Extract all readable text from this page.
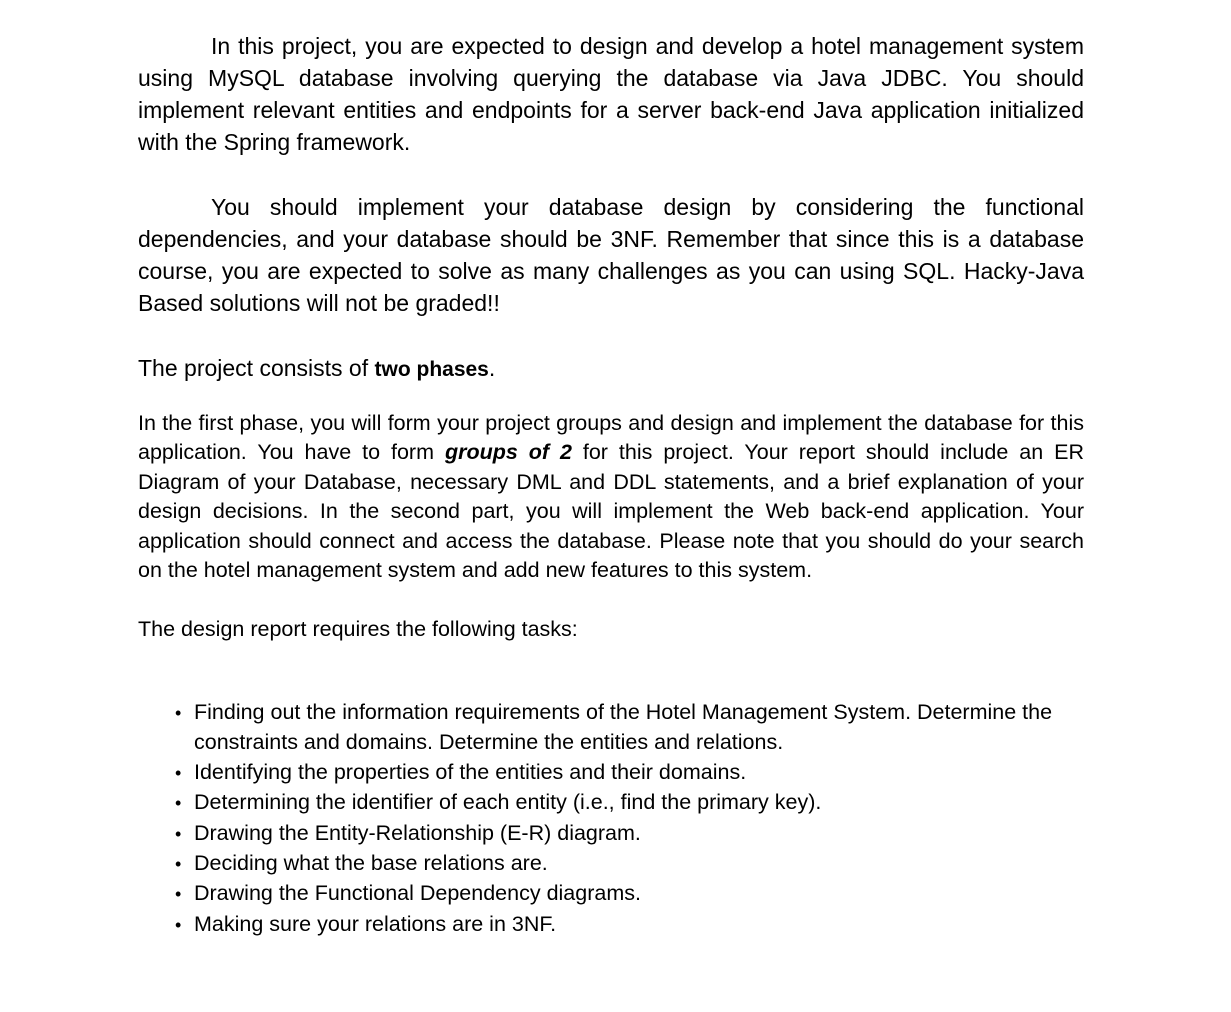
In this project, you are expected to design and develop a hotel management system using MySQL database involving querying the database via Java JDBC. You should implement relevant entities and endpoints for a server back-end Java application initialized with the Spring framework.

You should implement your database design by considering the functional dependencies, and your database should be 3NF. Remember that since this is a database course, you are expected to solve as many challenges as you can using SQL. Hacky-Java Based solutions will not be graded!!

The project consists of two phases.

In the first phase, you will form your project groups and design and implement the database for this application. You have to form groups of 2 for this project. Your report should include an ER Diagram of your Database, necessary DML and DDL statements, and a brief explanation of your design decisions. In the second part, you will implement the Web back-end application. Your application should connect and access the database. Please note that you should do your search on the hotel management system and add new features to this system.

The design report requires the following tasks:

• Finding out the information requirements of the Hotel Management System. Determine the constraints and domains. Determine the entities and relations.
• Identifying the properties of the entities and their domains.
• Determining the identifier of each entity (i.e., find the primary key).
• Drawing the Entity-Relationship (E-R) diagram.
• Deciding what the base relations are.
• Drawing the Functional Dependency diagrams.
• Making sure your relations are in 3NF.
